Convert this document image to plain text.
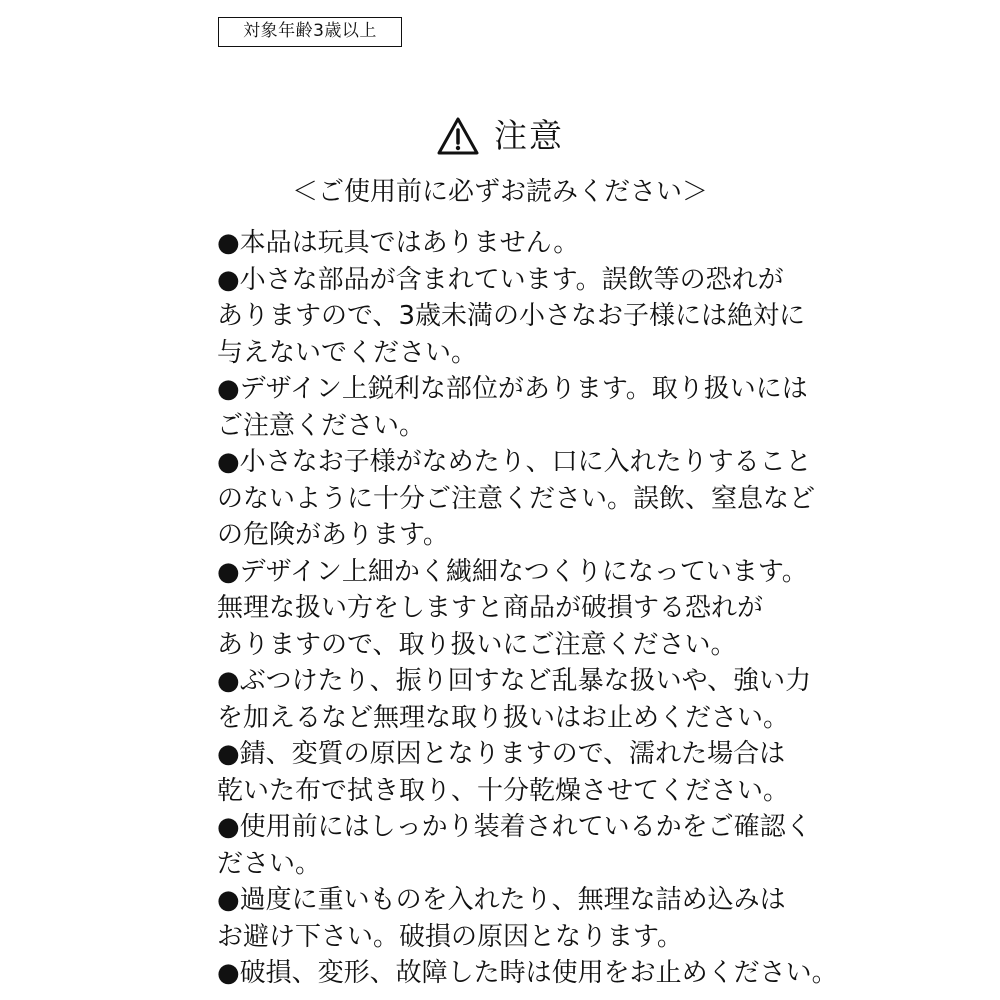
対象年齢3歳以上
注意
＜ご使用前に必ずお読みください＞
●本品は玩具ではありません。
●小さな部品が含まれています。誤飲等の恐れが
ありますので、3歳未満の小さなお子様には絶対に
与えないでください。
●デザイン上鋭利な部位があります。取り扱いには
ご注意ください。
●小さなお子様がなめたり、口に入れたりすること
のないように十分ご注意ください。誤飲、窒息など
の危険があります。
●デザイン上細かく繊細なつくりになっています。
無理な扱い方をしますと商品が破損する恐れが
ありますので、取り扱いにご注意ください。
●ぶつけたり、振り回すなど乱暴な扱いや、強い力
を加えるなど無理な取り扱いはお止めください。
●錆、変質の原因となりますので、濡れた場合は
乾いた布で拭き取り、十分乾燥させてください。
●使用前にはしっかり装着されているかをご確認く
ださい。
●過度に重いものを入れたり、無理な詰め込みは
お避け下さい。破損の原因となります。
●破損、変形、故障した時は使用をお止めください。
